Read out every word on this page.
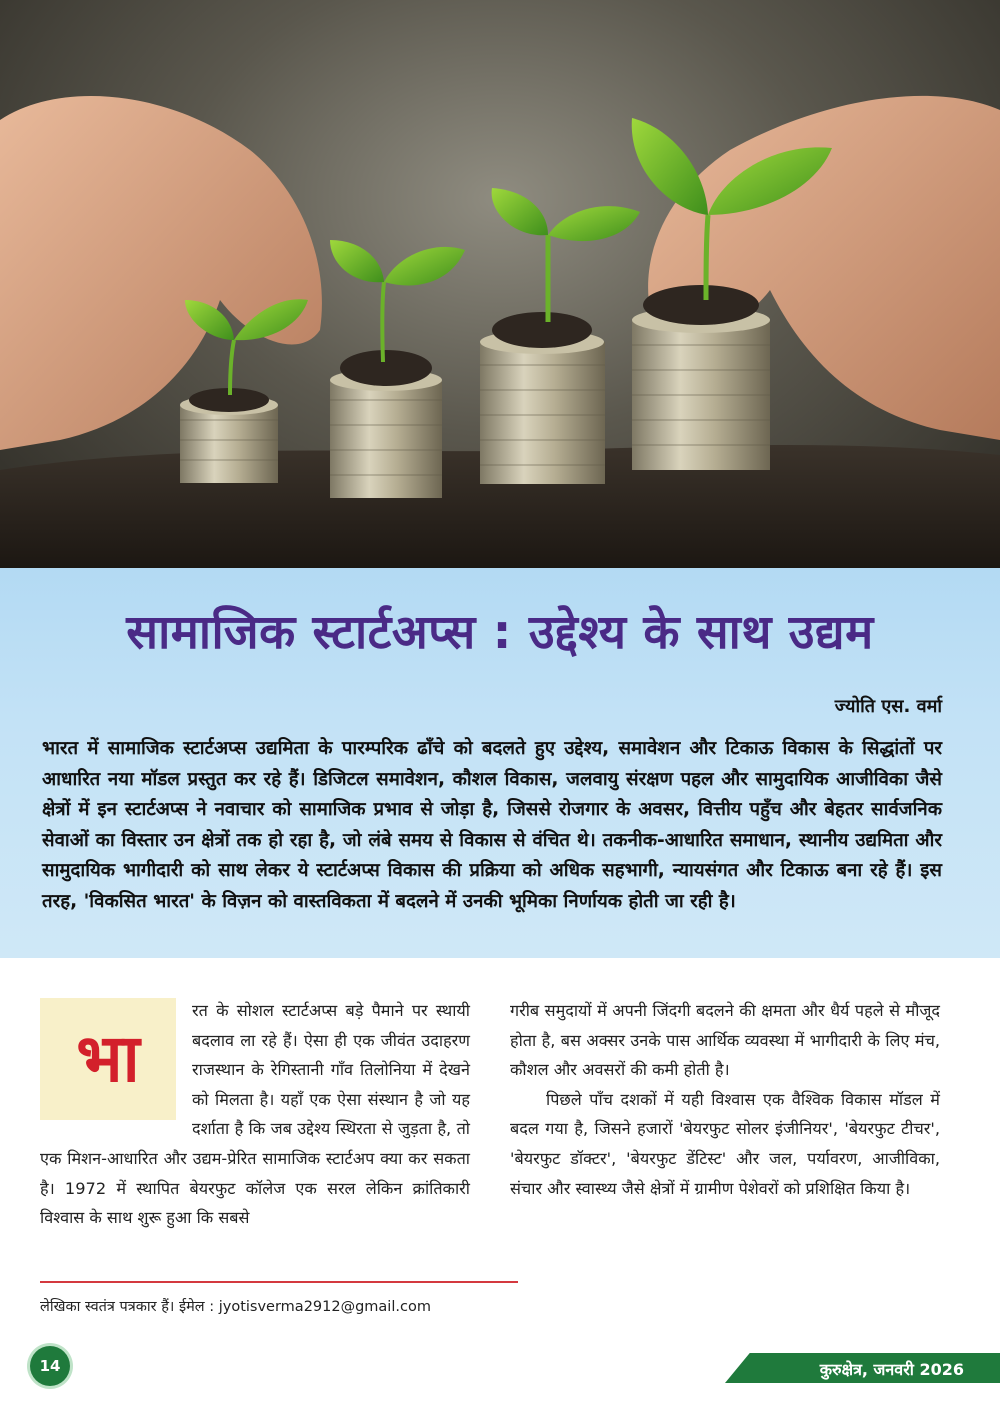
सामाजिक स्टार्टअप्स : उद्देश्य के साथ उद्यम
ज्योति एस. वर्मा
भारत में सामाजिक स्टार्टअप्स उद्यमिता के पारम्परिक ढाँचे को बदलते हुए उद्देश्य, समावेशन और टिकाऊ विकास के सिद्धांतों पर आधारित नया मॉडल प्रस्तुत कर रहे हैं। डिजिटल समावेशन, कौशल विकास, जलवायु संरक्षण पहल और सामुदायिक आजीविका जैसे क्षेत्रों में इन स्टार्टअप्स ने नवाचार को सामाजिक प्रभाव से जोड़ा है, जिससे रोजगार के अवसर, वित्तीय पहुँच और बेहतर सार्वजनिक सेवाओं का विस्तार उन क्षेत्रों तक हो रहा है, जो लंबे समय से विकास से वंचित थे। तकनीक-आधारित समाधान, स्थानीय उद्यमिता और सामुदायिक भागीदारी को साथ लेकर ये स्टार्टअप्स विकास की प्रक्रिया को अधिक सहभागी, न्यायसंगत और टिकाऊ बना रहे हैं। इस तरह, 'विकसित भारत' के विज़न को वास्तविकता में बदलने में उनकी भूमिका निर्णायक होती जा रही है।
भा

रत के सोशल स्टार्टअप्स बड़े पैमाने पर स्थायी बदलाव ला रहे हैं। ऐसा ही एक जीवंत उदाहरण राजस्थान के रेगिस्तानी गाँव तिलोनिया में देखने को मिलता है। यहाँ एक ऐसा संस्थान है जो यह दर्शाता है कि जब उद्देश्य स्थिरता से जुड़ता है, तो एक मिशन-आधारित और उद्यम-प्रेरित सामाजिक स्टार्टअप क्या कर सकता है। 1972 में स्थापित बेयरफुट कॉलेज एक सरल लेकिन क्रांतिकारी विश्वास के साथ शुरू हुआ कि सबसे

गरीब समुदायों में अपनी जिंदगी बदलने की क्षमता और धैर्य पहले से मौजूद होता है, बस अक्सर उनके पास आर्थिक व्यवस्था में भागीदारी के लिए मंच, कौशल और अवसरों की कमी होती है।

पिछले पाँच दशकों में यही विश्वास एक वैश्विक विकास मॉडल में बदल गया है, जिसने हजारों 'बेयरफुट सोलर इंजीनियर', 'बेयरफुट टीचर', 'बेयरफुट डॉक्टर', 'बेयरफुट डेंटिस्ट' और जल, पर्यावरण, आजीविका, संचार और स्वास्थ्य जैसे क्षेत्रों में ग्रामीण पेशेवरों को प्रशिक्षित किया है।

लेखिका स्वतंत्र पत्रकार हैं। ईमेल : jyotisverma2912@gmail.com
14	कुरुक्षेत्र, जनवरी 2026
